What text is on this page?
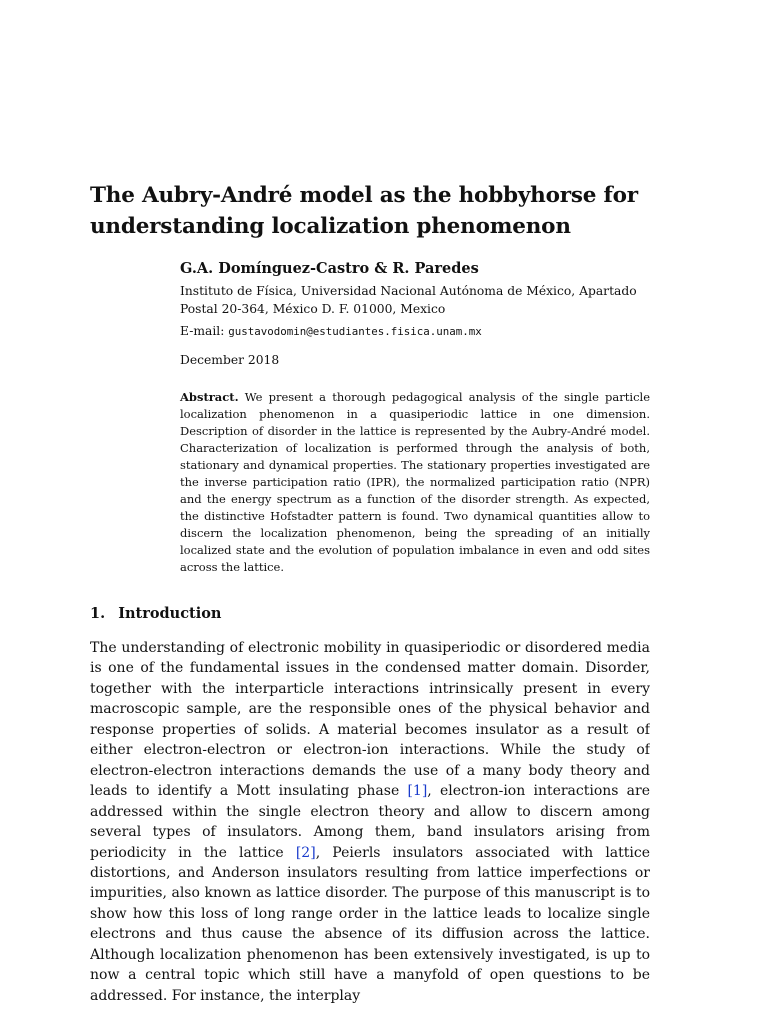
The Aubry-André model as the hobbyhorse for understanding localization phenomenon
G.A. Domínguez-Castro & R. Paredes
Instituto de Física, Universidad Nacional Autónoma de México, Apartado Postal 20-364, México D. F. 01000, Mexico
E-mail: gustavodomin@estudiantes.fisica.unam.mx
December 2018
Abstract. We present a thorough pedagogical analysis of the single particle localization phenomenon in a quasiperiodic lattice in one dimension. Description of disorder in the lattice is represented by the Aubry-André model. Characterization of localization is performed through the analysis of both, stationary and dynamical properties. The stationary properties investigated are the inverse participation ratio (IPR), the normalized participation ratio (NPR) and the energy spectrum as a function of the disorder strength. As expected, the distinctive Hofstadter pattern is found. Two dynamical quantities allow to discern the localization phenomenon, being the spreading of an initially localized state and the evolution of population imbalance in even and odd sites across the lattice.
1. Introduction

The understanding of electronic mobility in quasiperiodic or disordered media is one of the fundamental issues in the condensed matter domain. Disorder, together with the interparticle interactions intrinsically present in every macroscopic sample, are the responsible ones of the physical behavior and response properties of solids. A material becomes insulator as a result of either electron-electron or electron-ion interactions. While the study of electron-electron interactions demands the use of a many body theory and leads to identify a Mott insulating phase [1], electron-ion interactions are addressed within the single electron theory and allow to discern among several types of insulators. Among them, band insulators arising from periodicity in the lattice [2], Peierls insulators associated with lattice distortions, and Anderson insulators resulting from lattice imperfections or impurities, also known as lattice disorder. The purpose of this manuscript is to show how this loss of long range order in the lattice leads to localize single electrons and thus cause the absence of its diffusion across the lattice. Although localization phenomenon has been extensively investigated, is up to now a central topic which still have a manyfold of open questions to be addressed. For instance, the interplay
